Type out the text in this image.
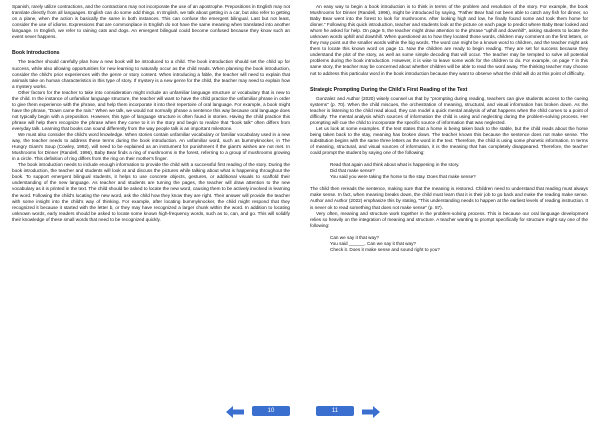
Spanish, rarely utilize contractions, and the contractions may not incorporate the use of an apostrophe. Prepositions in English may not translate directly from all languages. English can do some odd things. In English, we talk about getting in a car, but also refer to getting on a plane, when the action is basically the same in both instances. This can confuse the emergent bilingual. Last but not least, consider the use of idioms. Expressions that are commonplace in English do not have the same meaning when translated into another language. In English, we refer to raining cats and dogs. An emergent bilingual could become confused because they know such an event never happens.

Book Introductions

The teacher should carefully plan how a new book will be introduced to a child. The book introduction should set the child up for success, while also allowing opportunities for new learning to naturally occur as the child reads. When planning the book introduction, consider the child's prior experiences with the genre or story content. When introducing a fable, the teacher will need to explain that animals take on human characteristics in this type of story. If mystery is a new genre for the child, the teacher may need to explain how a mystery works.

Other factors for the teacher to take into consideration might include an unfamiliar language structure or vocabulary that is new to the child. In the instance of unfamiliar language structure, the teacher will want to have the child practice the unfamiliar phrase in order to give them experience with the phrase, and help them incorporate it into their repertoire of oral language. For example, a book might have the phrase, "Down came the rain." When we talk, we would not normally phrase a sentence this way because oral language does not typically begin with a preposition. However, this type of language structure is often found in stories. Having the child practice this phrase will help them recognize the phrase when they come to it in the story and begin to realize that "book talk" often differs from everyday talk. Learning that books can sound differently from the way people talk is an important milestone.

We must also consider the child's word knowledge. When stories contain unfamiliar vocabulary or familiar vocabulary used in a new way, the teacher needs to address these terms during the book introduction. An unfamiliar word, such as bummyknocker, in The Hungry Giant's Soup (Cowley, 1992), will need to be explained as an instrument for punishment if the giant's wishes are not met. In Mushrooms for Dinner (Randell, 1996), Baby Bear finds a ring of mushrooms in the forest, referring to a group of mushrooms growing in a circle. This definition of ring differs from the ring on their mother's finger.

The book introduction needs to include enough information to provide the child with a successful first reading of the story. During the book introduction, the teacher and students will look at and discuss the pictures while talking about what is happening throughout the book. To support emergent bilingual students, it helps to use concrete objects, gestures, or additional visuals to scaffold their understanding of the new language. As teacher and students are turning the pages, the teacher will draw attention to the new vocabulary as it is printed in the text. The child should be asked to locate the new word, causing them to be actively involved in learning the word. Following the child's locating the new word, ask the child how they know they are right. Their answer will provide the teacher with some insight into the child's way of thinking. For example, after locating bummyknocker, the child might respond that they recognized it because it started with the letter b, or they may have recognized a larger chunk within the word. In addition to locating unknown words, early readers should be asked to locate some known high-frequency words, such as to, can, and go. This will solidify their knowledge of these small words that need to be recognized quickly.

An easy way to begin a book introduction is to think in terms of the problem and resolution of the story. For example, the book Mushrooms for Dinner (Randell, 1996), might be introduced by saying, "Father Bear had not been able to catch any fish for dinner, so Baby Bear went into the forest to look for mushrooms. After looking high and low, he finally found some and took them home for dinner." Following this quick introduction, teacher and students look at the picture on each page to predict where Baby Bear looked and whom he asked for help. On page 5, the teacher might draw attention to the phrase "uphill and downhill", asking students to locate the unknown words uphill and downhill. When questioned as to how they located those words, children may comment on the first letters, or they may point out the smaller words within the big words. The word can might be a known word to children, and the teacher might ask them to locate this known word on page 11. Now the children are ready to begin reading. They are set for success because they understand the plot of the story, as well as some simple decoding that will occur. The teacher may be tempted to solve all potential problems during the book introduction. However, it is wise to leave some work for the children to do. For example, on page 7 in this same story, the teacher may be concerned about whether children will be able to read the word away. The thinking teacher may choose not to address this particular word in the book introduction because they want to observe what the child will do at this point of difficulty.

Strategic Prompting During the Child's First Reading of the Text

Gonzalez and Author (2020) wisely counsel us that by "prompting during reading, teachers can give students access to the cueing systems" (p. 70). When the child miscues, the orchestration of meaning, structural, and visual information has broken down. As the teacher is listening to the child read aloud, they can model a quick mental analysis of what happens when the child comes to a point of difficulty. The mental analysis which sources of information the child is using and neglecting during the problem-solving process. Her prompting will cue the child to incorporate the specific source of information that was neglected.

Let us look at some examples. If the text states that a horse is being taken back to the stable, but the child reads about the horse being taken back to the stay, meaning has broken down. The teacher knows this because the sentence does not make sense. The substitution begins with the same three letters as the word in the text. Therefore, the child is using some phonetic information. In terms of meaning, structural, and visual sources of information, it is the meaning that has completely disappeared. Therefore, the teacher could prompt the student by saying one of the following:

Read that again and think about what is happening in the story.
Did that make sense?
You said you were taking the horse to the stay. Does that make sense?

The child then rereads the sentence, making sure that the meaning is restored. Children need to understand that reading must always make sense. In fact, when meaning breaks down, the child must learn that it is their job to go back and make the reading make sense. Author and Author (2022) emphasize this by stating, "This understanding needs to happen at the earliest levels of reading instruction. It is never ok to read something that does not make sense" (p. 87).

Very often, meaning and structure work together in the problem-solving process. This is because our oral language development relies so heavily on the integration of meaning and structure. A teacher wanting to prompt specifically for structure might say one of the following:

Can we say it that way?
You said ______. Can we say it that way?
Check it. Does it make sense and sound right to you?
10	11
